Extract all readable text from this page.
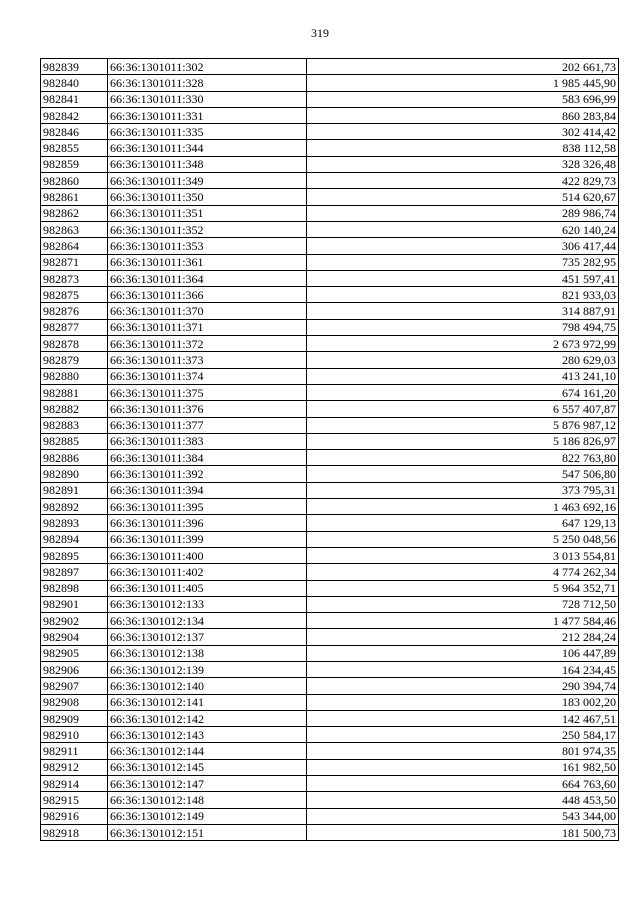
319
982839	66:36:1301011:302	202 661,73
982840	66:36:1301011:328	1 985 445,90
982841	66:36:1301011:330	583 696,99
982842	66:36:1301011:331	860 283,84
982846	66:36:1301011:335	302 414,42
982855	66:36:1301011:344	838 112,58
982859	66:36:1301011:348	328 326,48
982860	66:36:1301011:349	422 829,73
982861	66:36:1301011:350	514 620,67
982862	66:36:1301011:351	289 986,74
982863	66:36:1301011:352	620 140,24
982864	66:36:1301011:353	306 417,44
982871	66:36:1301011:361	735 282,95
982873	66:36:1301011:364	451 597,41
982875	66:36:1301011:366	821 933,03
982876	66:36:1301011:370	314 887,91
982877	66:36:1301011:371	798 494,75
982878	66:36:1301011:372	2 673 972,99
982879	66:36:1301011:373	280 629,03
982880	66:36:1301011:374	413 241,10
982881	66:36:1301011:375	674 161,20
982882	66:36:1301011:376	6 557 407,87
982883	66:36:1301011:377	5 876 987,12
982885	66:36:1301011:383	5 186 826,97
982886	66:36:1301011:384	822 763,80
982890	66:36:1301011:392	547 506,80
982891	66:36:1301011:394	373 795,31
982892	66:36:1301011:395	1 463 692,16
982893	66:36:1301011:396	647 129,13
982894	66:36:1301011:399	5 250 048,56
982895	66:36:1301011:400	3 013 554,81
982897	66:36:1301011:402	4 774 262,34
982898	66:36:1301011:405	5 964 352,71
982901	66:36:1301012:133	728 712,50
982902	66:36:1301012:134	1 477 584,46
982904	66:36:1301012:137	212 284,24
982905	66:36:1301012:138	106 447,89
982906	66:36:1301012:139	164 234,45
982907	66:36:1301012:140	290 394,74
982908	66:36:1301012:141	183 002,20
982909	66:36:1301012:142	142 467,51
982910	66:36:1301012:143	250 584,17
982911	66:36:1301012:144	801 974,35
982912	66:36:1301012:145	161 982,50
982914	66:36:1301012:147	664 763,60
982915	66:36:1301012:148	448 453,50
982916	66:36:1301012:149	543 344,00
982918	66:36:1301012:151	181 500,73
